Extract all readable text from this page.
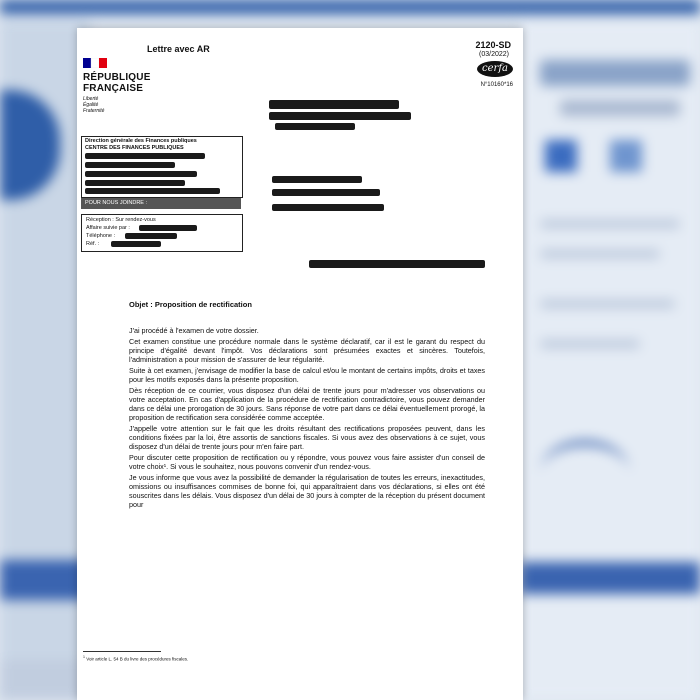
Lettre avec AR	2120-SD
(03/2022)
cerfa
N°10160*16
RÉPUBLIQUE
FRANÇAISE
Liberté
Égalité
Fraternité
Direction générale des Finances publiques
CENTRE DES FINANCES PUBLIQUES
POUR NOUS JOINDRE :
Réception : Sur rendez-vous
Affaire suivie par :
Téléphone :
Réf. :
Objet : Proposition de rectification

J'ai procédé à l'examen de votre dossier.

Cet examen constitue une procédure normale dans le système déclaratif, car il est le garant du respect du principe d'égalité devant l'impôt. Vos déclarations sont présumées exactes et sincères. Toutefois, l'administration a pour mission de s'assurer de leur régularité.

Suite à cet examen, j'envisage de modifier la base de calcul et/ou le montant de certains impôts, droits et taxes pour les motifs exposés dans la présente proposition.

Dès réception de ce courrier, vous disposez d'un délai de trente jours pour m'adresser vos observations ou votre acceptation. En cas d'application de la procédure de rectification contradictoire, vous pouvez demander dans ce délai une prorogation de 30 jours. Sans réponse de votre part dans ce délai éventuellement prorogé, la proposition de rectification sera considérée comme acceptée.

J'appelle votre attention sur le fait que les droits résultant des rectifications proposées peuvent, dans les conditions fixées par la loi, être assortis de sanctions fiscales. Si vous avez des observations à ce sujet, vous disposez d'un délai de trente jours pour m'en faire part.

Pour discuter cette proposition de rectification ou y répondre, vous pouvez vous faire assister d'un conseil de votre choix¹. Si vous le souhaitez, nous pouvons convenir d'un rendez-vous.

Je vous informe que vous avez la possibilité de demander la régularisation de toutes les erreurs, inexactitudes, omissions ou insuffisances commises de bonne foi, qui apparaîtraient dans vos déclarations, si elles ont été souscrites dans les délais. Vous disposez d'un délai de 30 jours à compter de la réception du présent document pour

$^1$ Voir article L. 54 B du livre des procédures fiscales.
